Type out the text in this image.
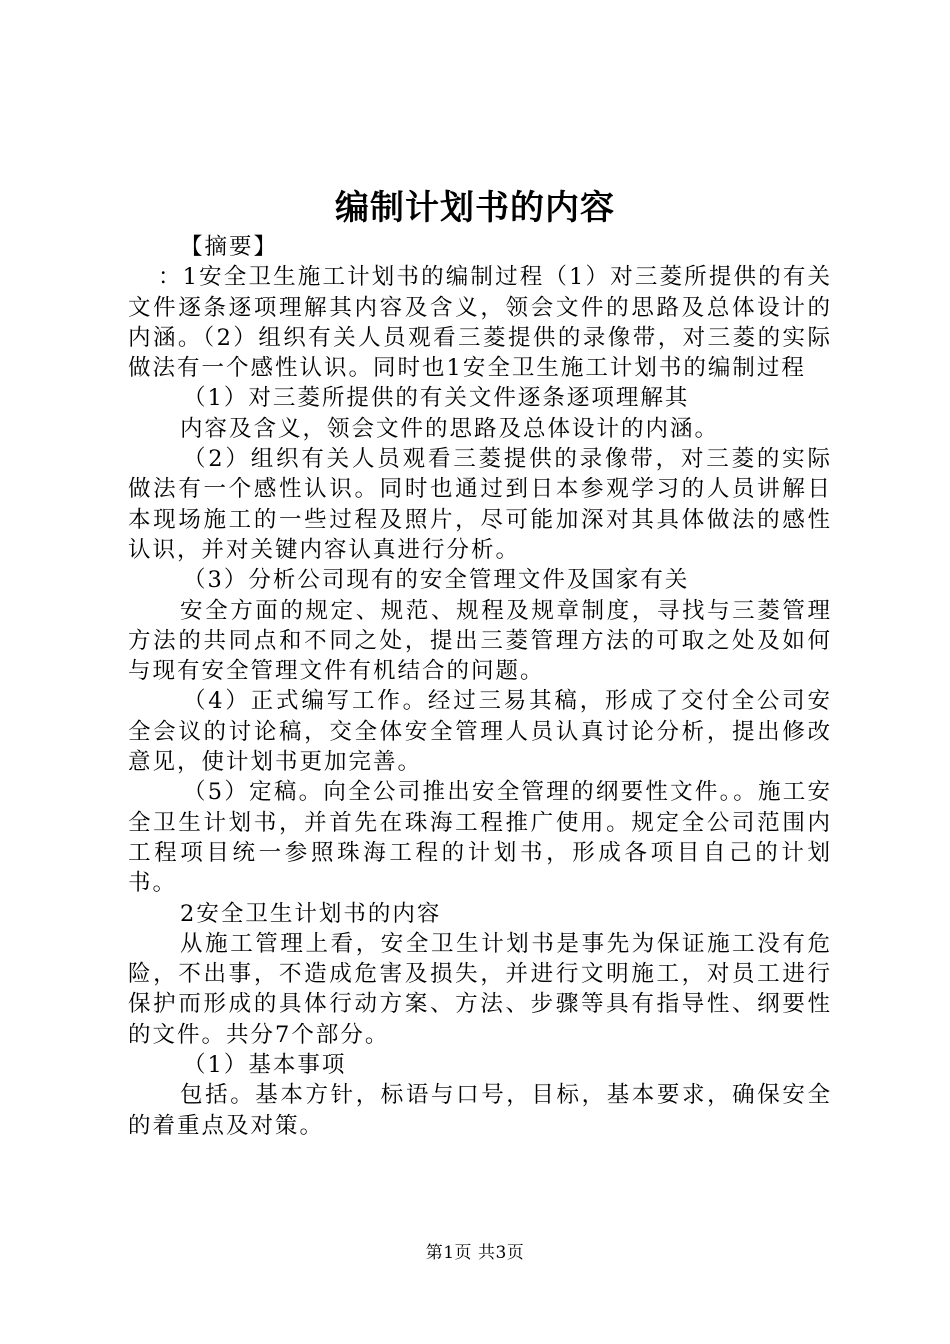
编制计划书的内容

【摘要】

：1安全卫生施工计划书的编制过程（1）对三菱所提供的有关文件逐条逐项理解其内容及含义，领会文件的思路及总体设计的内涵。（2）组织有关人员观看三菱提供的录像带，对三菱的实际做法有一个感性认识。同时也1安全卫生施工计划书的编制过程

（1）对三菱所提供的有关文件逐条逐项理解其

内容及含义，领会文件的思路及总体设计的内涵。

（2）组织有关人员观看三菱提供的录像带，对三菱的实际做法有一个感性认识。同时也通过到日本参观学习的人员讲解日本现场施工的一些过程及照片，尽可能加深对其具体做法的感性认识，并对关键内容认真进行分析。

（3）分析公司现有的安全管理文件及国家有关

安全方面的规定、规范、规程及规章制度，寻找与三菱管理方法的共同点和不同之处，提出三菱管理方法的可取之处及如何与现有安全管理文件有机结合的问题。

（4）正式编写工作。经过三易其稿，形成了交付全公司安全会议的讨论稿，交全体安全管理人员认真讨论分析，提出修改意见，使计划书更加完善。

（5）定稿。向全公司推出安全管理的纲要性文件。。施工安全卫生计划书，并首先在珠海工程推广使用。规定全公司范围内工程项目统一参照珠海工程的计划书，形成各项目自己的计划书。

2安全卫生计划书的内容

从施工管理上看，安全卫生计划书是事先为保证施工没有危险，不出事，不造成危害及损失，并进行文明施工，对员工进行保护而形成的具体行动方案、方法、步骤等具有指导性、纲要性的文件。共分7个部分。

（1）基本事项

包括。基本方针，标语与口号，目标，基本要求，确保安全的着重点及对策。

第1页 共3页
